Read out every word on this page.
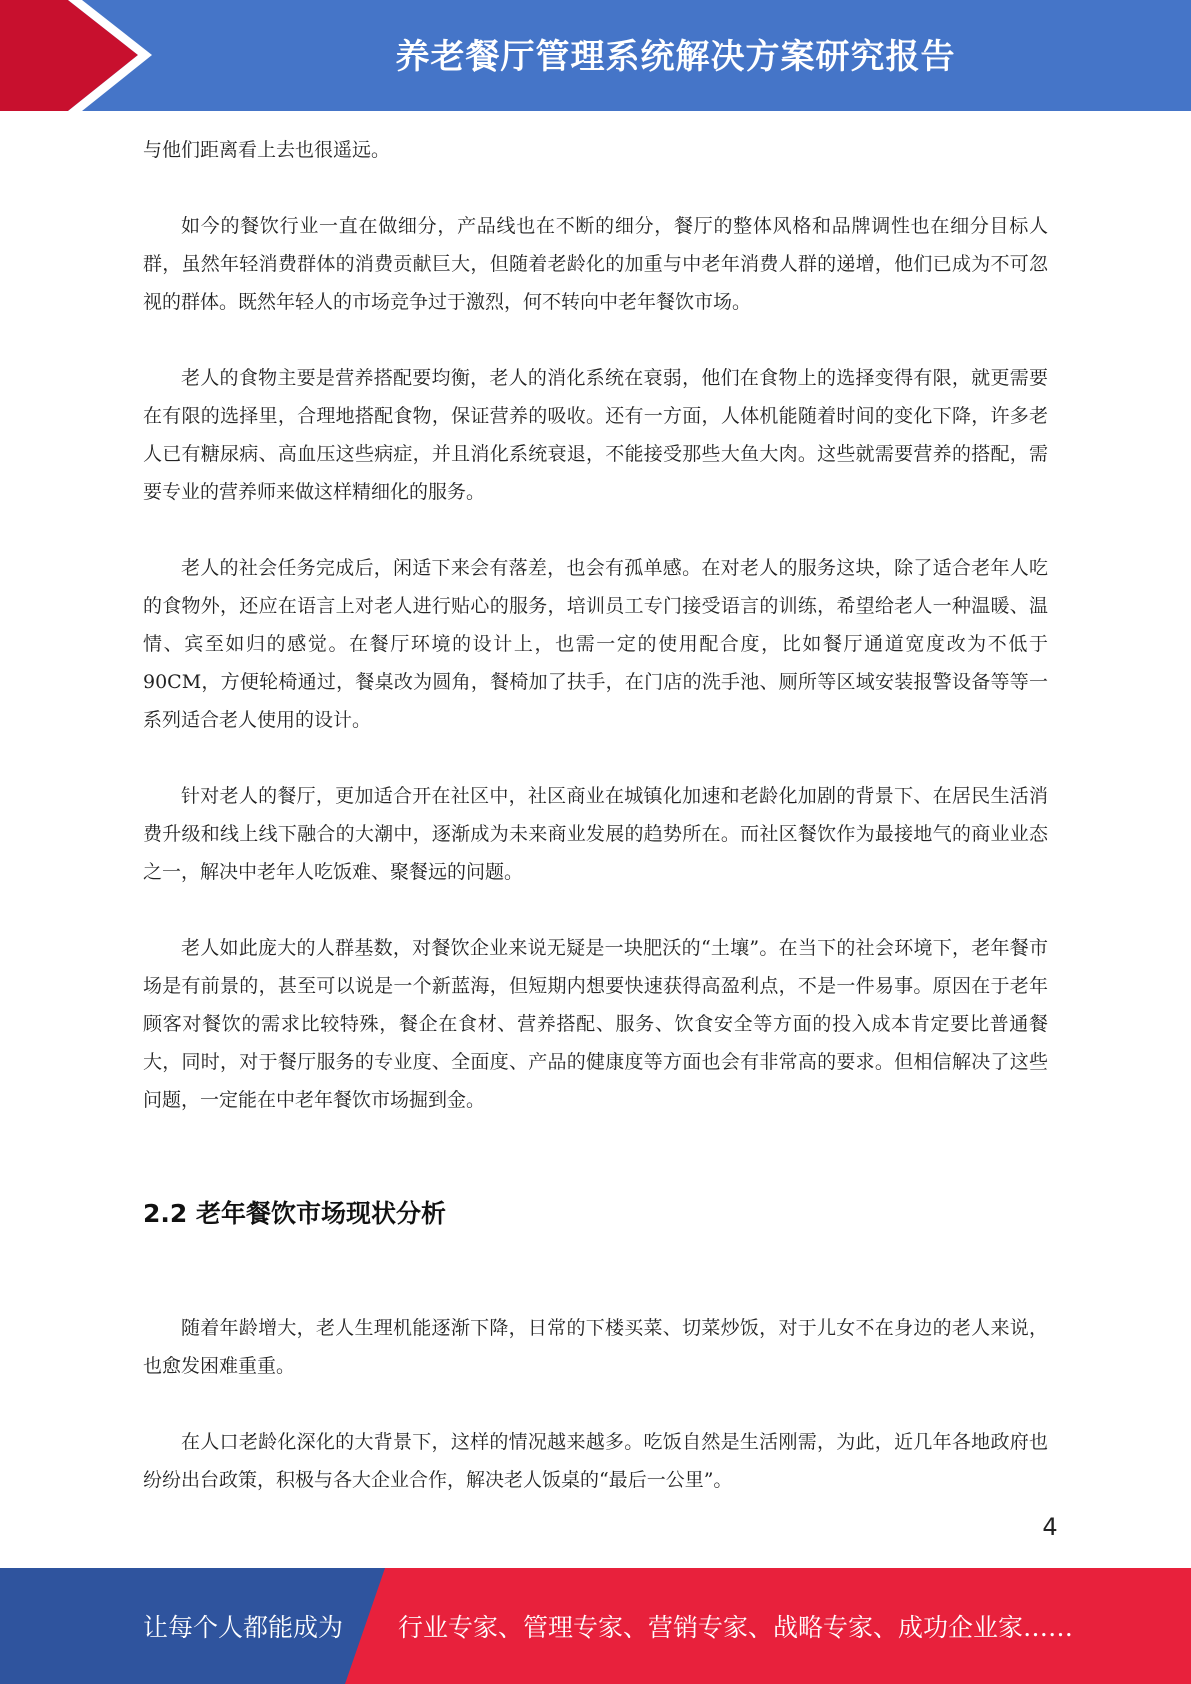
养老餐厅管理系统解决方案研究报告

与他们距离看上去也很遥远。

如今的餐饮行业一直在做细分，产品线也在不断的细分，餐厅的整体风格和品牌调性也在细分目标人群，虽然年轻消费群体的消费贡献巨大，但随着老龄化的加重与中老年消费人群的递增，他们已成为不可忽视的群体。既然年轻人的市场竞争过于激烈，何不转向中老年餐饮市场。

老人的食物主要是营养搭配要均衡，老人的消化系统在衰弱，他们在食物上的选择变得有限，就更需要在有限的选择里，合理地搭配食物，保证营养的吸收。还有一方面，人体机能随着时间的变化下降，许多老人已有糖尿病、高血压这些病症，并且消化系统衰退，不能接受那些大鱼大肉。这些就需要营养的搭配，需要专业的营养师来做这样精细化的服务。

老人的社会任务完成后，闲适下来会有落差，也会有孤单感。在对老人的服务这块，除了适合老年人吃的食物外，还应在语言上对老人进行贴心的服务，培训员工专门接受语言的训练，希望给老人一种温暖、温情、宾至如归的感觉。在餐厅环境的设计上，也需一定的使用配合度，比如餐厅通道宽度改为不低于 90CM，方便轮椅通过，餐桌改为圆角，餐椅加了扶手，在门店的洗手池、厕所等区域安装报警设备等等一系列适合老人使用的设计。

针对老人的餐厅，更加适合开在社区中，社区商业在城镇化加速和老龄化加剧的背景下、在居民生活消费升级和线上线下融合的大潮中，逐渐成为未来商业发展的趋势所在。而社区餐饮作为最接地气的商业业态之一，解决中老年人吃饭难、聚餐远的问题。

老人如此庞大的人群基数，对餐饮企业来说无疑是一块肥沃的“土壤”。在当下的社会环境下，老年餐市场是有前景的，甚至可以说是一个新蓝海，但短期内想要快速获得高盈利点，不是一件易事。原因在于老年顾客对餐饮的需求比较特殊，餐企在食材、营养搭配、服务、饮食安全等方面的投入成本肯定要比普通餐大，同时，对于餐厅服务的专业度、全面度、产品的健康度等方面也会有非常高的要求。但相信解决了这些问题，一定能在中老年餐饮市场掘到金。

2.2 老年餐饮市场现状分析

随着年龄增大，老人生理机能逐渐下降，日常的下楼买菜、切菜炒饭，对于儿女不在身边的老人来说，也愈发困难重重。

在人口老龄化深化的大背景下，这样的情况越来越多。吃饭自然是生活刚需，为此，近几年各地政府也纷纷出台政策，积极与各大企业合作，解决老人饭桌的“最后一公里”。

4
让每个人都能成为 行业专家、管理专家、营销专家、战略专家、成功企业家……
